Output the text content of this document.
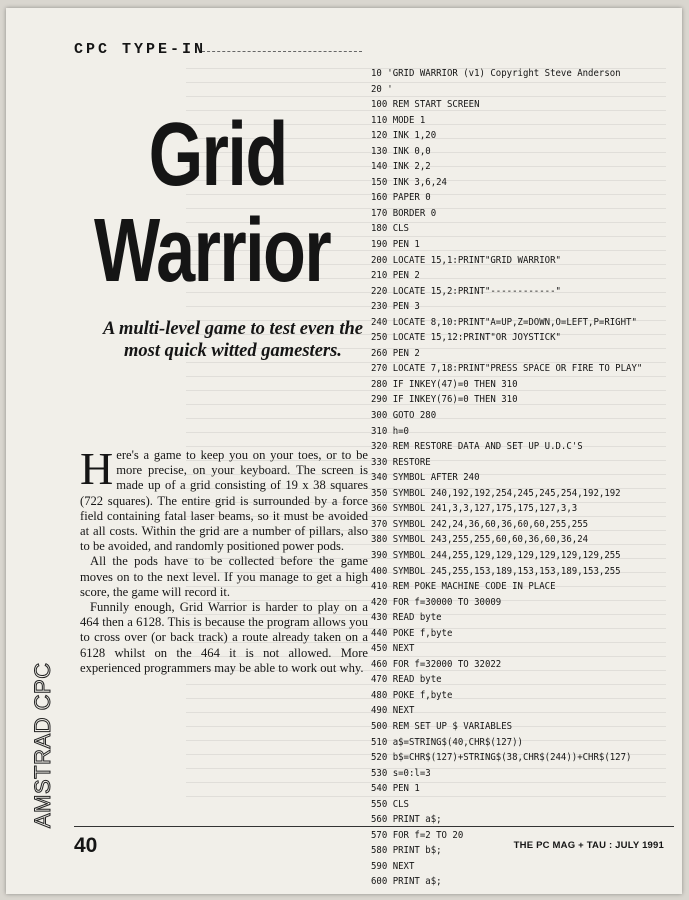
CPC TYPE-IN
Grid
Warrior
A multi-level game to test even the most quick witted gamesters.

Here's a game to keep you on your toes, or to be more precise, on your keyboard. The screen is made up of a grid consisting of 19 x 38 squares (722 squares). The entire grid is surrounded by a force field containing fatal laser beams, so it must be avoided at all costs. Within the grid are a number of pillars, also to be avoided, and randomly positioned power pods.

All the pods have to be collected before the game moves on to the next level. If you manage to get a high score, the game will record it.

Funnily enough, Grid Warrior is harder to play on a 464 then a 6128. This is because the program allows you to cross over (or back track) a route already taken on a 6128 whilst on the 464 it is not allowed. More experienced programmers may be able to work out why.

AMSTRAD CPC
10 'GRID WARRIOR (v1) Copyright Steve Anderson
20 '
100 REM START SCREEN
110 MODE 1
120 INK 1,20
130 INK 0,0
140 INK 2,2
150 INK 3,6,24
160 PAPER 0
170 BORDER 0
180 CLS
190 PEN 1
200 LOCATE 15,1:PRINT"GRID WARRIOR"
210 PEN 2
220 LOCATE 15,2:PRINT"------------"
230 PEN 3
240 LOCATE 8,10:PRINT"A=UP,Z=DOWN,O=LEFT,P=RIGHT"
250 LOCATE 15,12:PRINT"OR JOYSTICK"
260 PEN 2
270 LOCATE 7,18:PRINT"PRESS SPACE OR FIRE TO PLAY"
280 IF INKEY(47)=0 THEN 310
290 IF INKEY(76)=0 THEN 310
300 GOTO 280
310 h=0
320 REM RESTORE DATA AND SET UP U.D.C'S
330 RESTORE
340 SYMBOL AFTER 240
350 SYMBOL 240,192,192,254,245,245,254,192,192
360 SYMBOL 241,3,3,127,175,175,127,3,3
370 SYMBOL 242,24,36,60,36,60,60,255,255
380 SYMBOL 243,255,255,60,60,36,60,36,24
390 SYMBOL 244,255,129,129,129,129,129,129,255
400 SYMBOL 245,255,153,189,153,153,189,153,255
410 REM POKE MACHINE CODE IN PLACE
420 FOR f=30000 TO 30009
430 READ byte
440 POKE f,byte
450 NEXT
460 FOR f=32000 TO 32022
470 READ byte
480 POKE f,byte
490 NEXT
500 REM SET UP $ VARIABLES
510 a$=STRING$(40,CHR$(127))
520 b$=CHR$(127)+STRING$(38,CHR$(244))+CHR$(127)
530 s=0:l=3
540 PEN 1
550 CLS
560 PRINT a$;
570 FOR f=2 TO 20
580 PRINT b$;
590 NEXT
600 PRINT a$;
40	THE PC MAG + TAU : JULY 1991
